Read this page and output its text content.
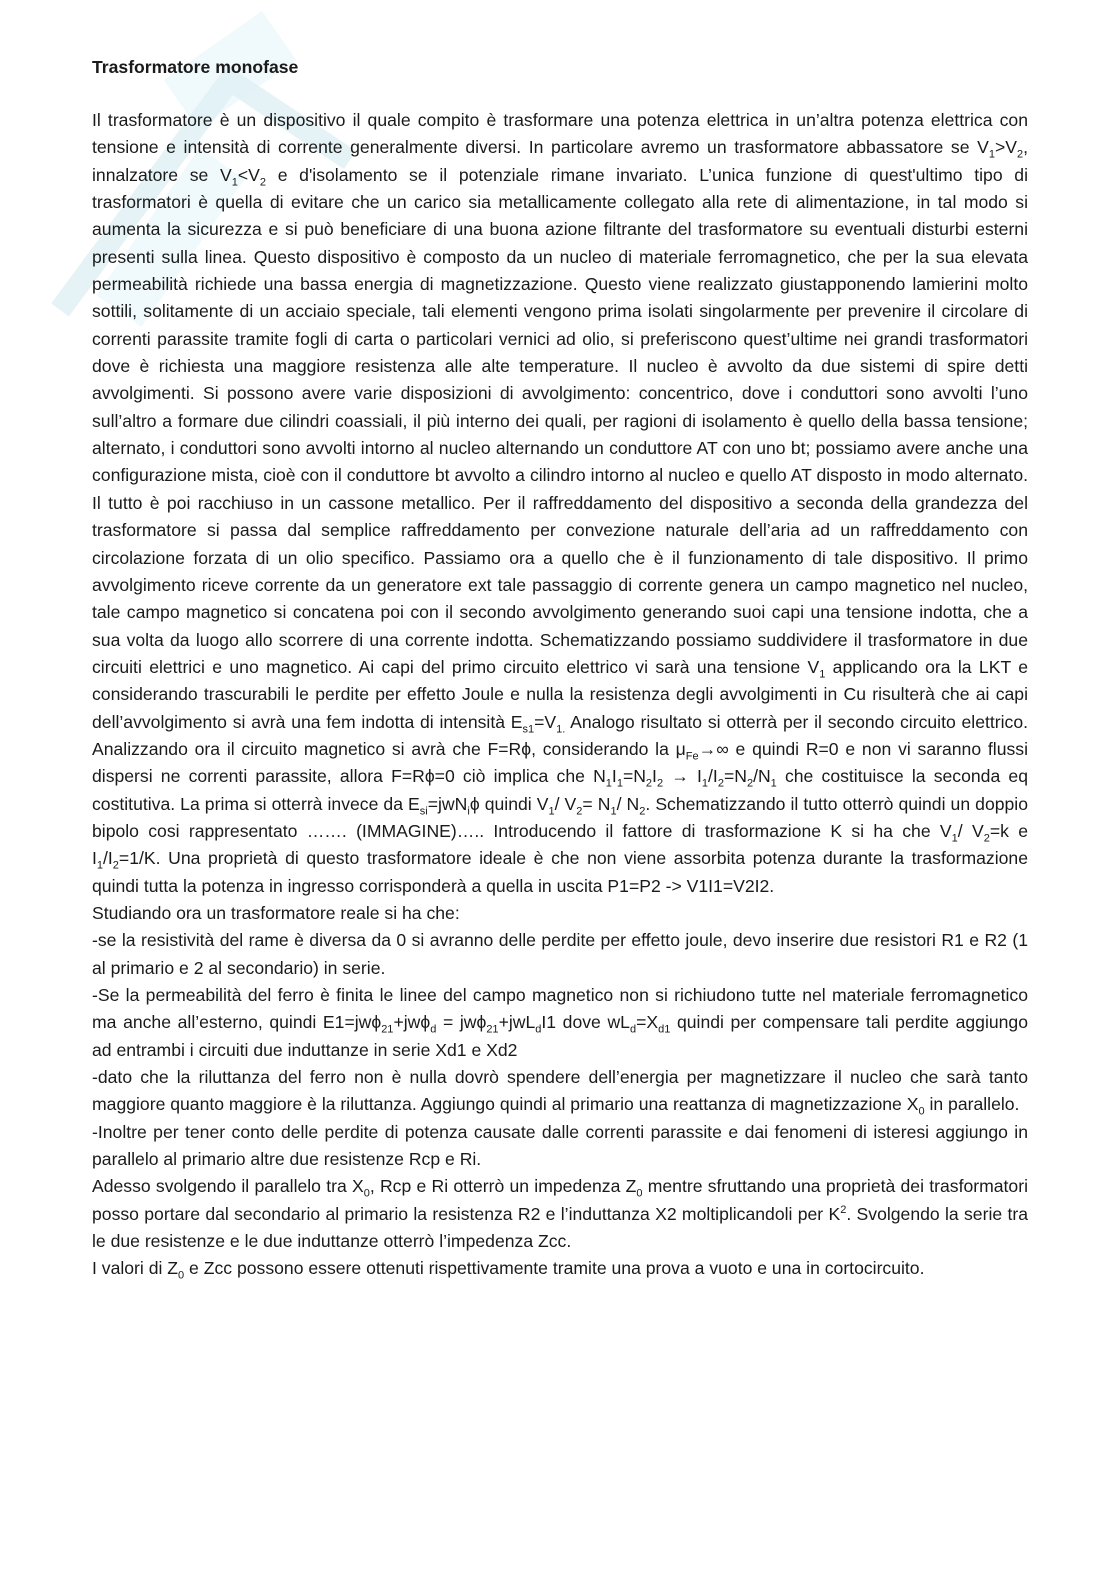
Trasformatore monofase
Il trasformatore è un dispositivo il quale compito è trasformare una potenza elettrica in un’altra potenza elettrica con tensione e intensità di corrente generalmente diversi. In particolare avremo un trasformatore abbassatore se $V_1>V_2$, innalzatore se $V_1<V_2$ e d'isolamento se il potenziale rimane invariato. L’unica funzione di quest'ultimo tipo di trasformatori è quella di evitare che un carico sia metallicamente collegato alla rete di alimentazione, in tal modo si aumenta la sicurezza e si può beneficiare di una buona azione filtrante del trasformatore su eventuali disturbi esterni presenti sulla linea. Questo dispositivo è composto da un nucleo di materiale ferromagnetico, che per la sua elevata permeabilità richiede una bassa energia di magnetizzazione. Questo viene realizzato giustapponendo lamierini molto sottili, solitamente di un acciaio speciale, tali elementi vengono prima isolati singolarmente per prevenire il circolare di correnti parassite tramite fogli di carta o particolari vernici ad olio, si preferiscono quest’ultime nei grandi trasformatori dove è richiesta una maggiore resistenza alle alte temperature. Il nucleo è avvolto da due sistemi di spire detti avvolgimenti. Si possono avere varie disposizioni di avvolgimento: concentrico, dove i conduttori sono avvolti l’uno sull’altro a formare due cilindri coassiali, il più interno dei quali, per ragioni di isolamento è quello della bassa tensione; alternato, i conduttori sono avvolti intorno al nucleo alternando un conduttore AT con uno bt; possiamo avere anche una configurazione mista, cioè con il conduttore bt avvolto a cilindro intorno al nucleo e quello AT disposto in modo alternato. Il tutto è poi racchiuso in un cassone metallico. Per il raffreddamento del dispositivo a seconda della grandezza del trasformatore si passa dal semplice raffreddamento per convezione naturale dell’aria ad un raffreddamento con circolazione forzata di un olio specifico. Passiamo ora a quello che è il funzionamento di tale dispositivo. Il primo avvolgimento riceve corrente da un generatore ext tale passaggio di corrente genera un campo magnetico nel nucleo, tale campo magnetico si concatena poi con il secondo avvolgimento generando suoi capi una tensione indotta, che a sua volta da luogo allo scorrere di una corrente indotta. Schematizzando possiamo suddividere il trasformatore in due circuiti elettrici e uno magnetico. Ai capi del primo circuito elettrico vi sarà una tensione $V_1$ applicando ora la LKT e considerando trascurabili le perdite per effetto Joule e nulla la resistenza degli avvolgimenti in Cu risulterà che ai capi dell’avvolgimento si avrà una fem indotta di intensità $E_{s1}=V_{1.}$ Analogo risultato si otterrà per il secondo circuito elettrico. Analizzando ora il circuito magnetico si avrà che F=Rϕ, considerando la $\mu_{Fe}\to\infty$ e quindi R=0 e non vi saranno flussi dispersi ne correnti parassite, allora F=Rϕ=0 ciò implica che $N_1I_1=N_2I_2 \to I_1/I_2=N_2/N_1$ che costituisce la seconda eq costitutiva. La prima si otterrà invece da $E_{si}=jwN_i\phi$ quindi $V_1/$ $V_2= N_1/$ $N_2$. Schematizzando il tutto otterrò quindi un doppio bipolo cosi rappresentato ……. (IMMAGINE)….. Introducendo il fattore di trasformazione K si ha che $V_1/$ $V_2=k$ e $I_1/I_2=1/K$. Una proprietà di questo trasformatore ideale è che non viene assorbita potenza durante la trasformazione quindi tutta la potenza in ingresso corrisponderà a quella in uscita P1=P2 -> V1I1=V2I2.
Studiando ora un trasformatore reale si ha che:
-se la resistività del rame è diversa da 0 si avranno delle perdite per effetto joule, devo inserire due resistori R1 e R2 (1 al primario e 2 al secondario) in serie.
-Se la permeabilità del ferro è finita le linee del campo magnetico non si richiudono tutte nel materiale ferromagnetico ma anche all’esterno, quindi E1=jwϕ$_{21}$+jwϕ$_d$ = jwϕ$_{21}$+jwL$_d$I1 dove $wL_d=X_{d1}$ quindi per compensare tali perdite aggiungo ad entrambi i circuiti due induttanze in serie Xd1 e Xd2
-dato che la riluttanza del ferro non è nulla dovrò spendere dell’energia per magnetizzare il nucleo che sarà tanto maggiore quanto maggiore è la riluttanza. Aggiungo quindi al primario una reattanza di magnetizzazione $X_0$ in parallelo.
-Inoltre per tener conto delle perdite di potenza causate dalle correnti parassite e dai fenomeni di isteresi aggiungo in parallelo al primario altre due resistenze Rcp e Ri.
Adesso svolgendo il parallelo tra $X_0$, Rcp e Ri otterrò un impedenza $Z_0$ mentre sfruttando una proprietà dei trasformatori posso portare dal secondario al primario la resistenza R2 e l’induttanza X2 moltiplicandoli per $K^2$. Svolgendo la serie tra le due resistenze e le due induttanze otterrò l’impedenza Zcc.
I valori di $Z_0$ e Zcc possono essere ottenuti rispettivamente tramite una prova a vuoto e una in cortocircuito.
